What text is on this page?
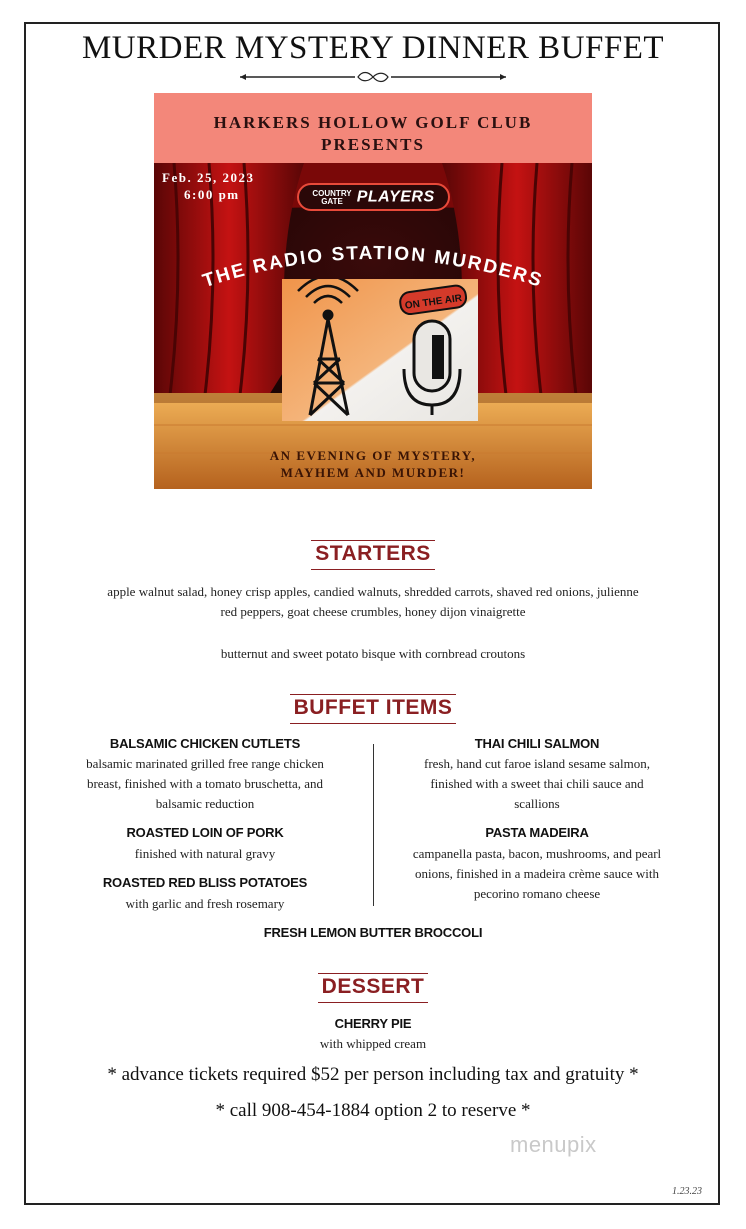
MURDER MYSTERY DINNER BUFFET
HARKERS HOLLOW GOLF CLUB
PRESENTS
Feb. 25, 2023
6:00 pm	COUNTRY
GATE PLAYERS
THE RADIO STATION MURDERS
ON THE AIR
AN EVENING OF MYSTERY,
MAYHEM AND MURDER!
STARTERS
apple walnut salad, honey crisp apples, candied walnuts, shredded carrots, shaved red onions, julienne
red peppers, goat cheese crumbles, honey dijon vinaigrette
butternut and sweet potato bisque with cornbread croutons
BUFFET ITEMS
BALSAMIC CHICKEN CUTLETS
balsamic marinated grilled free range chicken
breast, finished with a tomato bruschetta, and
balsamic reduction
ROASTED LOIN OF PORK
finished with natural gravy
ROASTED RED BLISS POTATOES
with garlic and fresh rosemary
THAI CHILI SALMON
fresh, hand cut faroe island sesame salmon,
finished with a sweet thai chili sauce and
scallions
PASTA MADEIRA
campanella pasta, bacon, mushrooms, and pearl
onions, finished in a madeira crème sauce with
pecorino romano cheese
FRESH LEMON BUTTER BROCCOLI
DESSERT
CHERRY PIE
with whipped cream
* advance tickets required $52 per person including tax and gratuity *
* call 908-454-1884 option 2 to reserve *
menupix
1.23.23
